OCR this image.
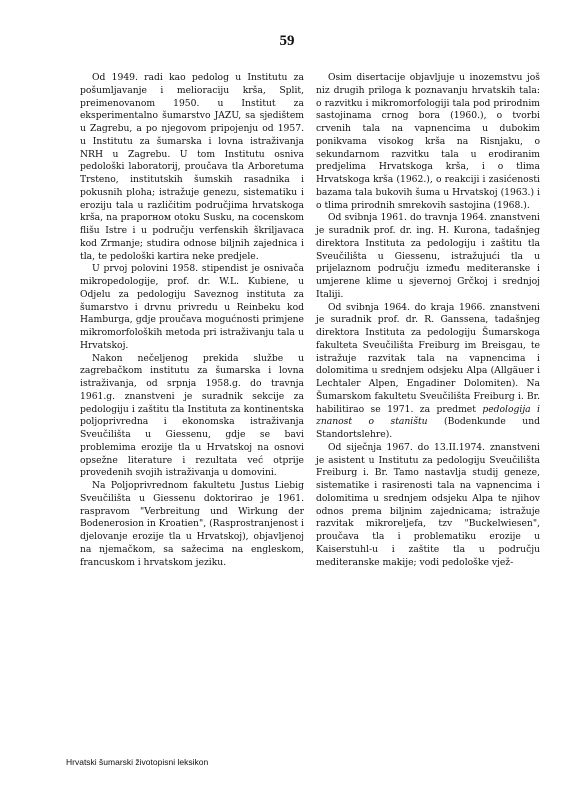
59

Od 1949. radi kao pedolog u Institutu za pošumljavanje i melioraciju krša, Split, preimenovanom 1950. u Institut za eksperimentalno šumarstvo JAZU, sa sjedištem u Zagrebu, a po njegovom pripojenju od 1957. u Institutu za šumarska i lovna istraživanja NRH u Zagrebu. U tom Institutu osniva pedološki laboratorij, proučava tla Arboretuma Trsteno, institutskih šumskih rasadnika i pokusnih ploha; istražuje genezu, sistematiku i eroziju tala u različitim područjima hrvatskoga krša, na praporном otoku Susku, na cocenskom flišu Istre i u području verfenskih škriljavaca kod Zrmanje; studira odnose biljnih zajednica i tla, te pedološki kartira neke predjele.

U prvoj polovini 1958. stipendist je osnivača mikropedologije, prof. dr. W.L. Kubiene, u Odjelu za pedologiju Saveznog instituta za šumarstvo i drvnu privredu u Reinbeku kod Hamburga, gdje proučava mogućnosti primjene mikromorfoloških metoda pri istraživanju tala u Hrvatskoj.

Nakon nečeljenog prekida službe u zagrebačkom institutu za šumarska i lovna istraživanja, od srpnja 1958.g. do travnja 1961.g. znanstveni je suradnik sekcije za pedologiju i zaštitu tla Instituta za kontinentska poljoprivredna i ekonomska istraživanja Sveučilišta u Giessenu, gdje se bavi problemima erozije tla u Hrvatskoj na osnovi opsežne literature i rezultata već otprije provedenih svojih istraživanja u domovini.

Na Poljoprivrednom fakultetu Justus Liebig Sveučilišta u Giessenu doktorirao je 1961. raspravom "Verbreitung und Wirkung der Bodenerosion in Kroatien", (Rasprostranjenost i djelovanje erozije tla u Hrvatskoj), objavljenoj na njemačkom, sa sažecima na engleskom, francuskom i hrvatskom jeziku.

Osim disertacije objavljuje u inozemstvu još niz drugih priloga k poznavanju hrvatskih tala: o razvitku i mikromorfologiji tala pod prirodnim sastojinama crnog bora (1960.), o tvorbi crvenih tala na vapnencima u dubokim ponikvama visokog krša na Risnjaku, o sekundarnom razvitku tala u erodiranim predjelima Hrvatskoga krša, i o tlima Hrvatskoga krša (1962.), o reakciji i zasićenosti bazama tala bukovih šuma u Hrvatskoj (1963.) i o tlima prirodnih smrekovih sastojina (1968.).

Od svibnja 1961. do travnja 1964. znanstveni je suradnik prof. dr. ing. H. Kurona, tadašnjeg direktora Instituta za pedologiju i zaštitu tla Sveučilišta u Giessenu, istražujući tla u prijelaznom području između mediteranske i umjerene klime u sjevernoj Grčkoj i srednjoj Italiji.

Od svibnja 1964. do kraja 1966. znanstveni je suradnik prof. dr. R. Ganssena, tadašnjeg direktora Instituta za pedologiju Šumarskoga fakulteta Sveučilišta Freiburg im Breisgau, te istražuje razvitak tala na vapnencima i dolomitima u srednjem odsjeku Alpa (Allgäuer i Lechtaler Alpen, Engadiner Dolomiten). Na Šumarskom fakultetu Sveučilišta Freiburg i. Br. habilitirao se 1971. za predmet pedologija i znanost o staništu (Bodenkunde und Standortslehre).

Od siječnja 1967. do 13.II.1974. znanstveni je asistent u Institutu za pedologiju Sveučilišta Freiburg i. Br. Tamo nastavlja studij geneze, sistematike i rasirenosti tala na vapnencima i dolomitima u srednjem odsjeku Alpa te njihov odnos prema biljnim zajednicama; istražuje razvitak mikroreljefa, tzv "Buckelwiesen", proučava tla i problematiku erozije u Kaiserstuhl-u i zaštite tla u području mediteranske makije; vodi pedološke vjež-

Hrvatski šumarski životopisni leksikon
